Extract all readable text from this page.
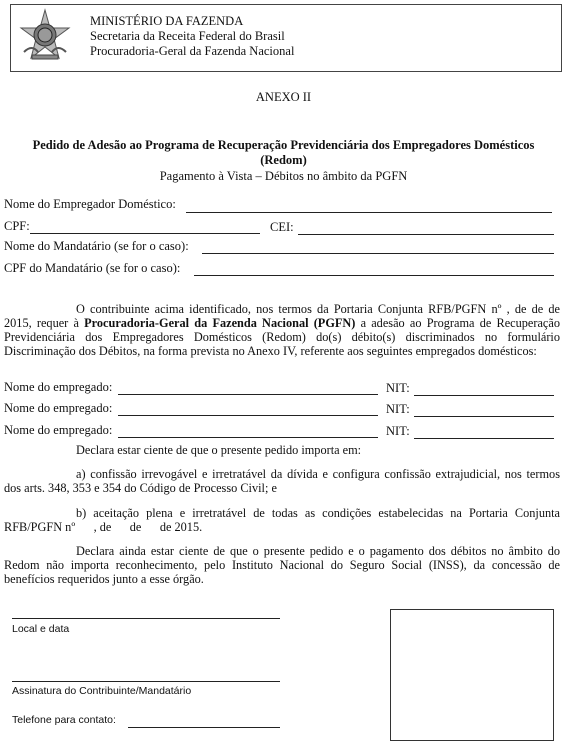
MINISTÉRIO DA FAZENDA
Secretaria da Receita Federal do Brasil
Procuradoria-Geral da Fazenda Nacional
ANEXO II
Pedido de Adesão ao Programa de Recuperação Previdenciária dos Empregadores Domésticos
(Redom)
Pagamento à Vista – Débitos no âmbito da PGFN
Nome do Empregador Doméstico:
CPF:	CEI:
Nome do Mandatário (se for o caso):
CPF do Mandatário (se for o caso):
O contribuinte acima identificado, nos termos da Portaria Conjunta RFB/PGFN nº , de de de 2015, requer à Procuradoria-Geral da Fazenda Nacional (PGFN) a adesão ao Programa de Recuperação Previdenciária dos Empregadores Domésticos (Redom) do(s) débito(s) discriminados no formulário Discriminação dos Débitos, na forma prevista no Anexo IV, referente aos seguintes empregados domésticos:
Nome do empregado:	NIT:
Nome do empregado:	NIT:
Nome do empregado:	NIT:
Declara estar ciente de que o presente pedido importa em:
a) confissão irrevogável e irretratável da dívida e configura confissão extrajudicial, nos termos dos arts. 348, 353 e 354 do Código de Processo Civil; e
b) aceitação plena e irretratável de todas as condições estabelecidas na Portaria Conjunta RFB/PGFN nº      , de      de      de 2015.
Declara ainda estar ciente de que o presente pedido e o pagamento dos débitos no âmbito do Redom não importa reconhecimento, pelo Instituto Nacional do Seguro Social (INSS), da concessão de benefícios requeridos junto a esse órgão.
Local e data
Assinatura do Contribuinte/Mandatário
Telefone para contato:
